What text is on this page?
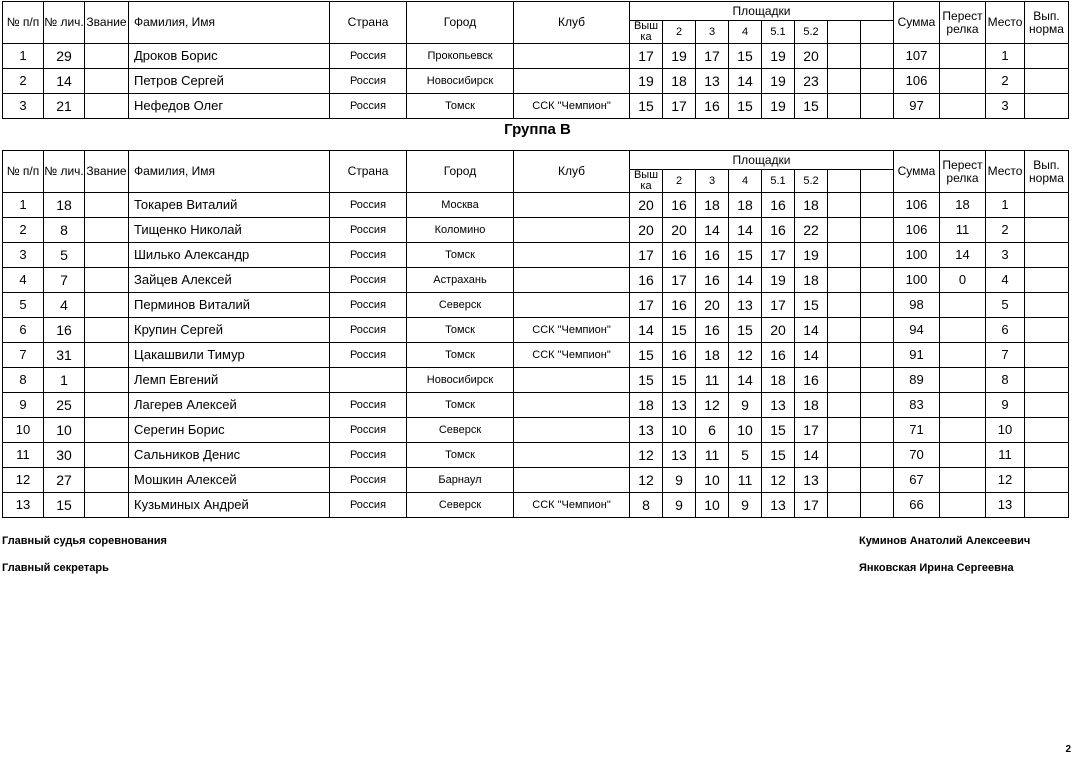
№ п/п	№ лич.	Звание	Фамилия, Имя	Страна	Город	Клуб	Площадки								Сумма	Перест релка	Место	Вып. норма
							Выш ка	2	3	4	5.1	5.2						
1	29		Дроков Борис	Россия	Прокопьевск		17	19	17	15	19	20			107		1	
2	14		Петров Сергей	Россия	Новосибирск		19	18	13	14	19	23			106		2	
3	21		Нефедов Олег	Россия	Томск	ССК "Чемпион"	15	17	16	15	19	15			97		3	
Группа В
№ п/п	№ лич.	Звание	Фамилия, Имя	Страна	Город	Клуб	Площадки								Сумма	Перест релка	Место	Вып. норма
							Выш ка	2	3	4	5.1	5.2						
1	18		Токарев Виталий	Россия	Москва		20	16	18	18	16	18			106	18	1	
2	8		Тищенко Николай	Россия	Коломино		20	20	14	14	16	22			106	11	2	
3	5		Шилько Александр	Россия	Томск		17	16	16	15	17	19			100	14	3	
4	7		Зайцев Алексей	Россия	Астрахань		16	17	16	14	19	18			100	0	4	
5	4		Перминов Виталий	Россия	Северск		17	16	20	13	17	15			98		5	
6	16		Крупин Сергей	Россия	Томск	ССК "Чемпион"	14	15	16	15	20	14			94		6	
7	31		Цакашвили Тимур	Россия	Томск	ССК "Чемпион"	15	16	18	12	16	14			91		7	
8	1		Лемп Евгений		Новосибирск		15	15	11	14	18	16			89		8	
9	25		Лагерев Алексей	Россия	Томск		18	13	12	9	13	18			83		9	
10	10		Серегин Борис	Россия	Северск		13	10	6	10	15	17			71		10	
11	30		Сальников Денис	Россия	Томск		12	13	11	5	15	14			70		11	
12	27		Мошкин Алексей	Россия	Барнаул		12	9	10	11	12	13			67		12	
13	15		Кузьминых Андрей	Россия	Северск	ССК "Чемпион"	8	9	10	9	13	17			66		13	
Главный судья соревнования	Куминов Анатолий Алексеевич
Главный секретарь	Янковская Ирина Сергеевна
2
